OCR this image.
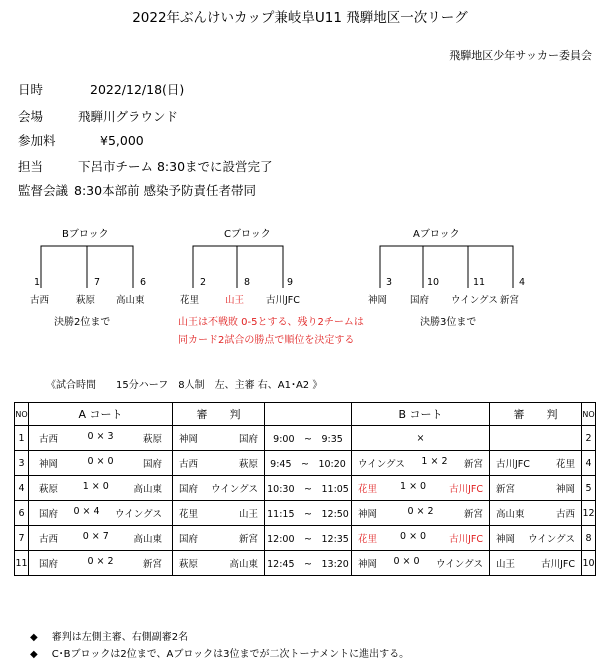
2022年ぶんけいカップ兼岐阜U11 飛騨地区一次リーグ
飛騨地区少年サッカー委員会
日時	2022/12/18(日)
会場	飛騨川グラウンド
参加料	¥5,000
担当	下呂市チーム 8:30までに設営完了
監督会議 8:30本部前 感染予防責任者帯同
Bブロック
1	7	6
古西	萩原 高山東
決勝2位まで
Cブロック
2	8	9
花里	山王 古川JFC
山王は不戦敗 0-5とする、残り2チームは
同カード2試合の勝点で順位を決定する
Aブロック
3	10	11	4
神岡 国府 ウイングス 新宮
決勝3位まで
《試合時間　　15分ハーフ　8人制　左、主審 右、A1･A2 》
NO	A コート	審　　判		B コート	審　　判	NO
1	古西 0 × 3 萩原	神岡 国府	9:00　~　9:35	×		2
3	神岡 0 × 0 国府	古西 萩原	9:45　~　10:20	ウイングス 1 × 2 新宮	古川JFC 花里	4
4	萩原 1 × 0 高山東	国府 ウイングス	10:30　~　11:05	花里 1 × 0 古川JFC	新宮 神岡	5
6	国府 0 × 4 ウイングス	花里 山王	11:15　~　12:50	神岡 0 × 2 新宮	高山東 古西	12
7	古西 0 × 7 高山東	国府 新宮	12:00　~　12:35	花里 0 × 0 古川JFC	神岡 ウイングス	8
11	国府 0 × 2 新宮	萩原 高山東	12:45　~　13:20	神岡 0 × 0 ウイングス	山王 古川JFC	10
◆ 審判は左側主審、右側副審2名
◆ C･Bブロックは2位まで、Aブロックは3位までが二次トーナメントに進出する。
